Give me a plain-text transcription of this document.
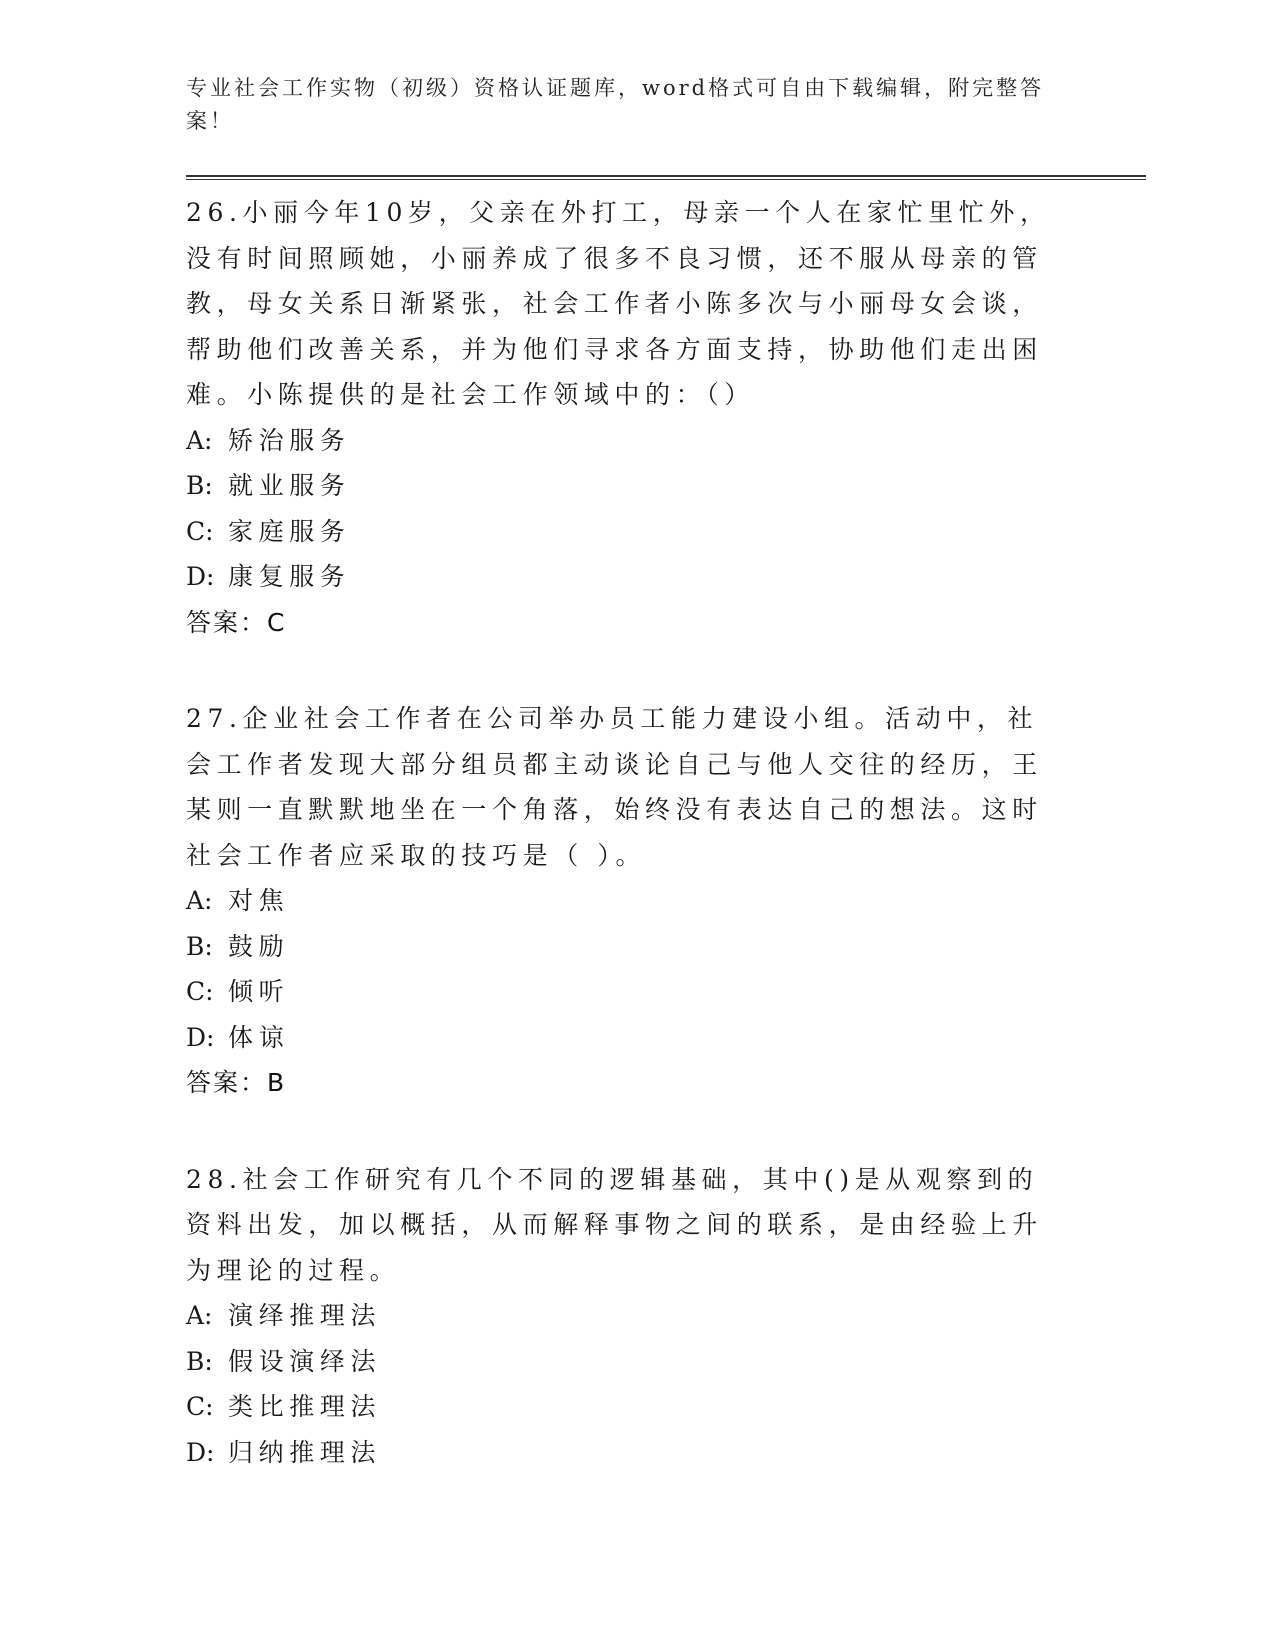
专业社会工作实物（初级）资格认证题库，word格式可自由下载编辑，附完整答
案！

26.小丽今年10岁，父亲在外打工，母亲一个人在家忙里忙外，没有时间照顾她，小丽养成了很多不良习惯，还不服从母亲的管教，母女关系日渐紧张，社会工作者小陈多次与小丽母女会谈，帮助他们改善关系，并为他们寻求各方面支持，协助他们走出困难。小陈提供的是社会工作领域中的：（）

A: 矫治服务
B: 就业服务
C: 家庭服务
D: 康复服务
答案：C

27.企业社会工作者在公司举办员工能力建设小组。活动中，社会工作者发现大部分组员都主动谈论自己与他人交往的经历，王某则一直默默地坐在一个角落，始终没有表达自己的想法。这时社会工作者应采取的技巧是（ ）。

A: 对焦
B: 鼓励
C: 倾听
D: 体谅
答案：B

28.社会工作研究有几个不同的逻辑基础，其中()是从观察到的资料出发，加以概括，从而解释事物之间的联系，是由经验上升为理论的过程。

A: 演绎推理法
B: 假设演绎法
C: 类比推理法
D: 归纳推理法
